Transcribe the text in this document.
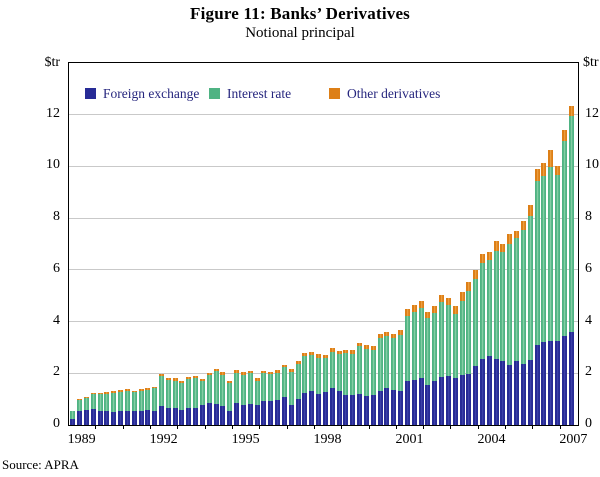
Figure 11: Banks’ Derivatives
Notional principal
$tr	$tr
Foreign exchange Interest rate	Other derivatives
0	0
2	2
4	4
6	6
8	8
10	10
12	12
1989	1992	1995	1998	2001	2004	2007
Source: APRA
